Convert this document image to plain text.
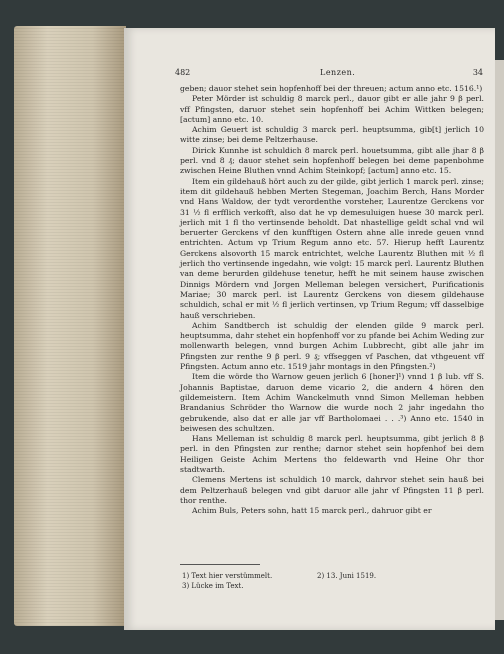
482	Lenzen.	34

geben; dauor stehet sein hopfenhoff bei der threuen; actum anno etc. 1516.¹)

Peter Mörder ist schuldig 8 marck perl., dauor gibt er alle jahr 9 β perl. vff Pfingsten, daruor stehet sein hopfenhoff bei Achim Wittken belegen; [actum] anno etc. 10.

Achim Geuert ist schuldig 3 marck perl. heuptsumma, gib[t] jerlich 10 witte zinse; bei deme Peltzerhause.

Dirick Kunnhe ist schuldich 8 marck perl. houetsumma, gibt alle jhar 8 β perl. vnd 8 ₰; dauor stehet sein hopfenhoff belegen bei deme papenbohme zwischen Heine Bluthen vnnd Achim Steinkopf; [actum] anno etc. 15.

Item ein gildehauß hört auch zu der gilde, gibt jerlich 1 marck perl. zinse; item dit gildehauß hebben Merten Stegeman, Joachim Berch, Hans Morder vnd Hans Waldow, der tydt verordenthe vorsteher, Laurentze Gerckens vor 31 ½ fl erfflich verkofft, also dat he vp demesuluigen huese 30 marck perl. jerlich mit 1 fl tho vertinsende beholdt. Dat nhastellige geldt schal vnd wil beruerter Gerckens vf den kunfftigen Ostern ahne alle inrede geuen vnnd entrichten. Actum vp Trium Regum anno etc. 57. Hierup hefft Laurentz Gerckens alsovorth 15 marck entrichtet, welche Laurentz Bluthen mit ½ fl jerlich tho vertinsende ingedahn, wie volgt: 15 marck perl. Laurentz Bluthen van deme berurden gildehuse tenetur, hefft he mit seinem hause zwischen Dinnigs Mördern vnd Jorgen Melleman belegen versichert, Purificationis Mariae; 30 marck perl. ist Laurentz Gerckens von diesem gildehause schuldich, schal er mit ½ fl jerlich vertinsen, vp Trium Regum; vff dasselbige hauß verschrieben.

Achim Sandtberch ist schuldig der elenden gilde 9 marck perl. heuptsumma, dahr stehet ein hopfenhoff vor zu pfande bei Achim Weding zur mollenwarth belegen, vnnd burgen Achim Lubbrecht, gibt alle jahr im Pfingsten zur renthe 9 β perl. 9 ₰; vffseggen vf Paschen, dat vthgeuent vff Pfingsten. Actum anno etc. 1519 jahr montags in den Pfingsten.²)

Item die wörde tho Warnow geuen jerlich 6 [honer]¹) vnnd 1 β lub. vff S. Johannis Baptistae, daruon deme vicario 2, die andern 4 hören den gildemeistern. Item Achim Wanckelmuth vnnd Simon Melleman hebben Brandanius Schröder tho Warnow die wurde noch 2 jahr ingedahn tho gebrukende, also dat er alle jar vff Bartholomaei . . .³) Anno etc. 1540 in beiwesen des schultzen.

Hans Melleman ist schuldig 8 marck perl. heuptsumma, gibt jerlich 8 β perl. in den Pfingsten zur renthe; darnor stehet sein hopfenhof bei dem Heiligen Geiste Achim Mertens tho feldewarth vnd Heine Ohr thor stadtwarth.

Clemens Mertens ist schuldich 10 marck, dahrvor stehet sein hauß bei dem Peltzerhauß belegen vnd gibt daruor alle jahr vf Pfingsten 11 β perl. thor renthe.

Achim Buls, Peters sohn, hatt 15 marck perl., dahruor gibt er

1) Text hier verstümmelt.	2) 13. Juni 1519.
3) Lücke im Text.
